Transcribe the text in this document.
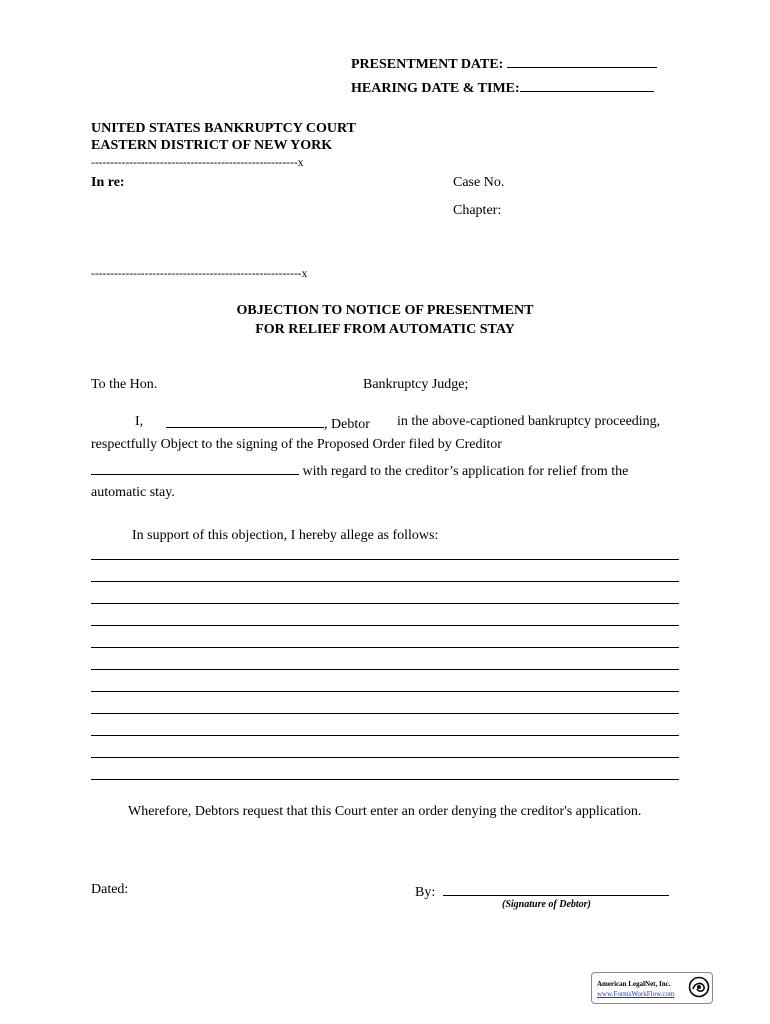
PRESENTMENT DATE:
HEARING DATE & TIME:
UNITED STATES BANKRUPTCY COURT
EASTERN DISTRICT OF NEW YORK
------------------------------------------------------x
In re:	Case No.
Chapter:
-------------------------------------------------------x
OBJECTION TO NOTICE OF PRESENTMENT
FOR RELIEF FROM AUTOMATIC STAY
To the Hon.	Bankruptcy Judge;
I,	, Debtor in the above-captioned bankruptcy proceeding,
respectfully Object to the signing of the Proposed Order filed by Creditor
with regard to the creditor’s application for relief from the
automatic stay.
In support of this objection, I hereby allege as follows:
Wherefore, Debtors request that this Court enter an order denying the creditor's application.
Dated:	By:
(Signature of Debtor)
American LegalNet, Inc.
www.FormsWorkFlow.com
